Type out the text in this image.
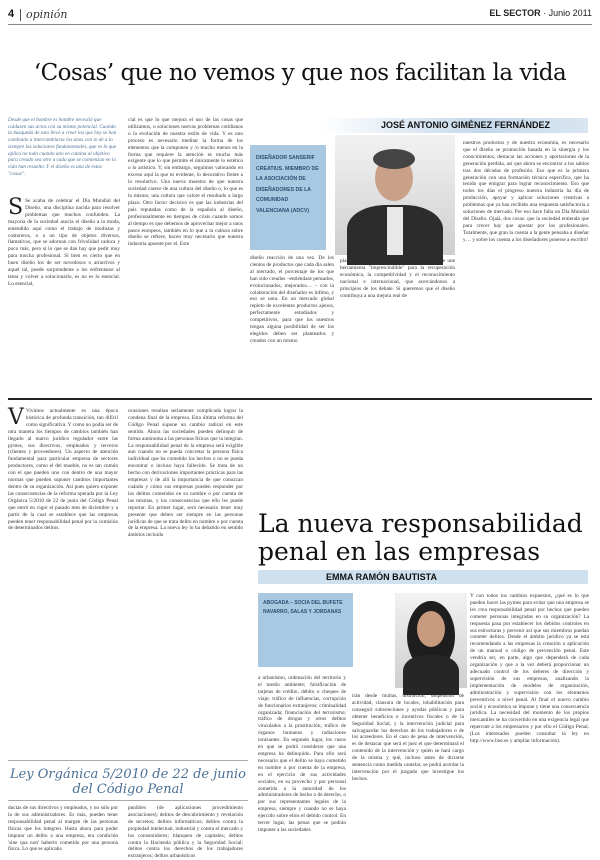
4 opinión	EL SECTOR · Junio 2011
‘Cosas’ que no vemos y que nos facilitan la vida
Desde que el hombre es hombre necesitó que cuidasen sus actos con su mismo potencial. Cuando la búsqueda de esto llevó a crear los que hoy se han cambiado a intercambiarse los unos con lo de a lo siempre las soluciones fundamentales, que es lo que aplica no todo cuando uno en camina al objetivo para creado sea otro a cada que se comienzan en la vida han resuelto. Y el diseño es una de estas "cosas".
JOSÉ ANTONIO GIMÉNEZ FERNÁNDEZ
S Se acaba de celebrar el Día Mundial del Diseño, una disciplina nacida para resolver problemas que muchos confunden. La mayoría de la sociedad asocia el diseño a la moda, entendido aquí como el trabajo de modistas y costureros, o a un tipo de objetos diversos, llamativos, que se adornan con frivolidad caduca y poco más, pero sí lo que se dan hay que pedir muy para mucha profesional. Si bien es cierto que en buen diseño los de ser novedosos o atractivos y aquel tal, puede sorprendente a los enfrentarse al tema y volver a solucionarlo, es no es lo esencial. Lo esencial,
cial es que lo que mejora el uso de las cosas que utilizamos, o soluciones nuevas problemas cotidianos o la evolución de nuestra estilo de vida. Y es uno proceso es necesario meditar la forma de los elementos que la componen y /o mucho menos en la forma que requiere la atención es mucho más exigente que lo que permite el únicamente lo estético o lo artístico. Y, sin embargo, seguimos valorando en exceso aquí la que es evidente, lo decorativo frente a lo resolutivo. Una nueva muestra de que nuestra sociedad carece de una cultura del diseño o, lo que es lo mismo, una cultura que valore el resultado a largo plazo. Otro factor decisivo es que las industrias del país reputadas como de la española al diseño, profesionalmente en tiempos de crisis cuando somos al tiempo es que debemos de aprovechar mejor a unos pasos europeos, también en lo que a la cultura sobre diseño se refiere, hacen muy necesario que nuestra industria apueste por el. Este

DISEÑADOR SANSERIF CREATIUS. MIEMBRO DE LA ASOCIACIÓN DE DISEÑADORES DE LA COMUNIDAD VALENCIANA (ADCV)

diseño reacción de una vez. De los cientos de productos que cada día salen al mercado, el porcentaje de los que han sido creados –entiéndase pensados, evolucionados, mejorados… – con la colaboración del diseñador es ínfimo, y eso se nota. En un mercado global repleto de excelentes productos ajenos, perfectamente estudiados y competitivos, para que los nuestros tengan alguna posibilidad de ser los elegidos deben ser planteados y creados con un mismo
planteamiento. Así el diseño, bien entendido, se une herramienta "imprescindible" para la recuperación económica, la competitividad y el reconocimiento nacional e internacional, que acercándonos a principios de los debate. Si queremos que el diseño contribuya a una mejora real de
nuestros productos y de nuestra economía, es necesario que el diseño se promoción basada en la sinergia y los conocimientos, destacar las acciones y aportaciones de la generación perdida, así que ahora se encontrar a los sabios tras dos décadas de profesión. Eso que es la primera generación con una formación técnica específica, que ha tenido que emigrar para lograr reconocimiento. Eso que todos los días el progreso nuestra industria ha día de producción, apoyar y aplicar soluciones creativas a problemas que ya han recibido una respuesta satisfactoria a soluciones de mercado. Por eso hace falta un Día Mundial del Diseño. Ojalá, dos cosas: que la sociedad entienda que para crecer hay que apostar por los profesionales. Totalmente, que gran la cuenta a la gente pensaba a diseñar y… y sobre los cuenta a los diseñadores ponerse a escribir!
V Vivimos actualmente es una época histórica de profunda transición, tan difícil como significativa. Y como no podía ser de otra manera los tiempos de cambios también han llegado al marco jurídico regulador entre las pymes, sus directivos, empleados y terceros (clientes y proveedores). Un aspecto de atención fundamental para particular empresa de sectores productores, como el del mueble, no es tan común con el que pueden uno con dentro de una mayor normas que pueden suponer cambios importantes dentro de su organización. Así pues quiero exponer las consecuencias de la reforma operada por la Ley Orgánica 5/2010 de 22 de junio del Código Penal que entró en vigor el pasado mes de diciembre y a partir de la cual se establece que las empresas pueden tener responsabilidad penal por la comisión de determinados delitos.
ocasiones resultan seriamente complicada lograr la condena final de la empresa. Esta última reforma del Código Penal supone un cambio radical en este sentido. Ahora las sociedades pueden delinquir de forma autónoma a las personas físicas que la integran. La responsabilidad penal de la empresa será exigible aun cuando no se pueda concretar la persona física individual que ha cometido los hechos o no se pueda encontrar o incluso haya fallecido. Se trata de un hecho con derivaciones importantes prácticas para las empresas y de allí la importancia de que conozcan cuándo y cómo sus empresas pueden responder por los delitos cometidos en su nombre o por cuenta de las mismas, y los consecuencias que ello les puede reportar. En primer lugar, será necesario tener muy presente que deben ser siempre en las personas jurídicas de que se trata delito en nombre o por cuenta de la empresa. La nueva ley lo ha debatido en sentido ámbitos incluido	La nueva responsabilidad
penal en las empresas
EMMA RAMÓN BAUTISTA

ABOGADA – SOCIA DEL BUFETE NAVARRO, SALAS Y JORDANAS

a urbanismo, ordenación del territorio y el medio ambiente; falsificación de tarjetas de crédito, débito o cheques de viaje; tráfico de influencias, corrupción de funcionarios extranjeros; criminalidad organizada; financiación del terrorismo; tráfico de drogas y otros delitos vinculados a la prostitución, tráfico de órganos humanos y radiaciones ionizantes. En segundo lugar, los casos en que se podrá considerar que una empresa ha delinquido. Para ello será necesario que el delito se haya cometido en nombre o por cuenta de la empresa, en el ejercicio de sus actividades sociales, en su provecho y por personal sometido a la autoridad de los administradores de hecho o de derecho, o por sus representantes legales de la empresa, siempre y cuando no se haya ejercido sobre ellos el debido control. En tercer lugar, las penas que se podrán imponer a las sociedades
irán desde multas, disolución, suspensión de actividad, clausura de locales, inhabilitación para conseguir subvenciones y ayudas públicas y para obtener beneficios e incentivos fiscales o de la Seguridad Social, y la intervención judicial para salvaguardar los derechos de los trabajadores o de los acreedores. En el caso de pena de intervención, es de destacar que será el juez el que determinará el contenido de la intervención y quién se hará cargo de la misma y qué, incluso antes de dictarse sentencia como medida cautelar, se podrá acordar la intervención por el juzgado que investigue los hechos.
Y con todos los cambios expuestos, ¿qué es lo que pueden hacer las pymes para evitar que una empresa se les crea responsabilidad penal por hechos que pueden cometer personas integradas en su organización? La respuesta pasa por establecer los debidos controles en sus estructuras y prevenir así que sus miembros puedan cometer delitos. Desde el ámbito jurídico ya se está recomendando a las empresas la creación o aplicación de un manual o código de prevención penal. Este vendría ser, en parte, algo que dependerá de cada organización y que a la vez deberá proporcionar un adecuado control de los deberes de dirección y supervisión de sus empresas, analizando la implementación de modelos de organización, administración y supervisión con los elementos preventivos a nivel penal. Al final el nuevo cambio social y económico se impone y tiene una consecuencia jurídica. La necesidad del momento de los propios mercantiles se ha convertido en una exigencia legal que repercute a los empresarios y por ello el Código Penal. (Los interesados pueden consultar la ley en http://www.boe.es y ampliar información).
Ley Orgánica 5/2010 de 22 de junio del Código Penal
ductas de sus directivos y empleados, y no sólo por la de sus administradores. Es más, pueden tener responsabilidad penal al margen de las personas físicas que los integren. Hasta ahora para poder imputar un delito a una empresa, era condición 'sine qua non' haberlo cometido por una persona física. Lo que se aplicaba
punibles (de aplicaciones procedimiento asociaciones); delitos de descubrimiento y revelación de secretos; delitos informáticos; delitos contra la propiedad intelectual, industrial y contra el mercado y los consumidores; blanqueo de capitales; delitos contra la Hacienda pública y la Seguridad Social; delitos contra los derechos de los trabajadores extranjeros; delitos urbanísticos
